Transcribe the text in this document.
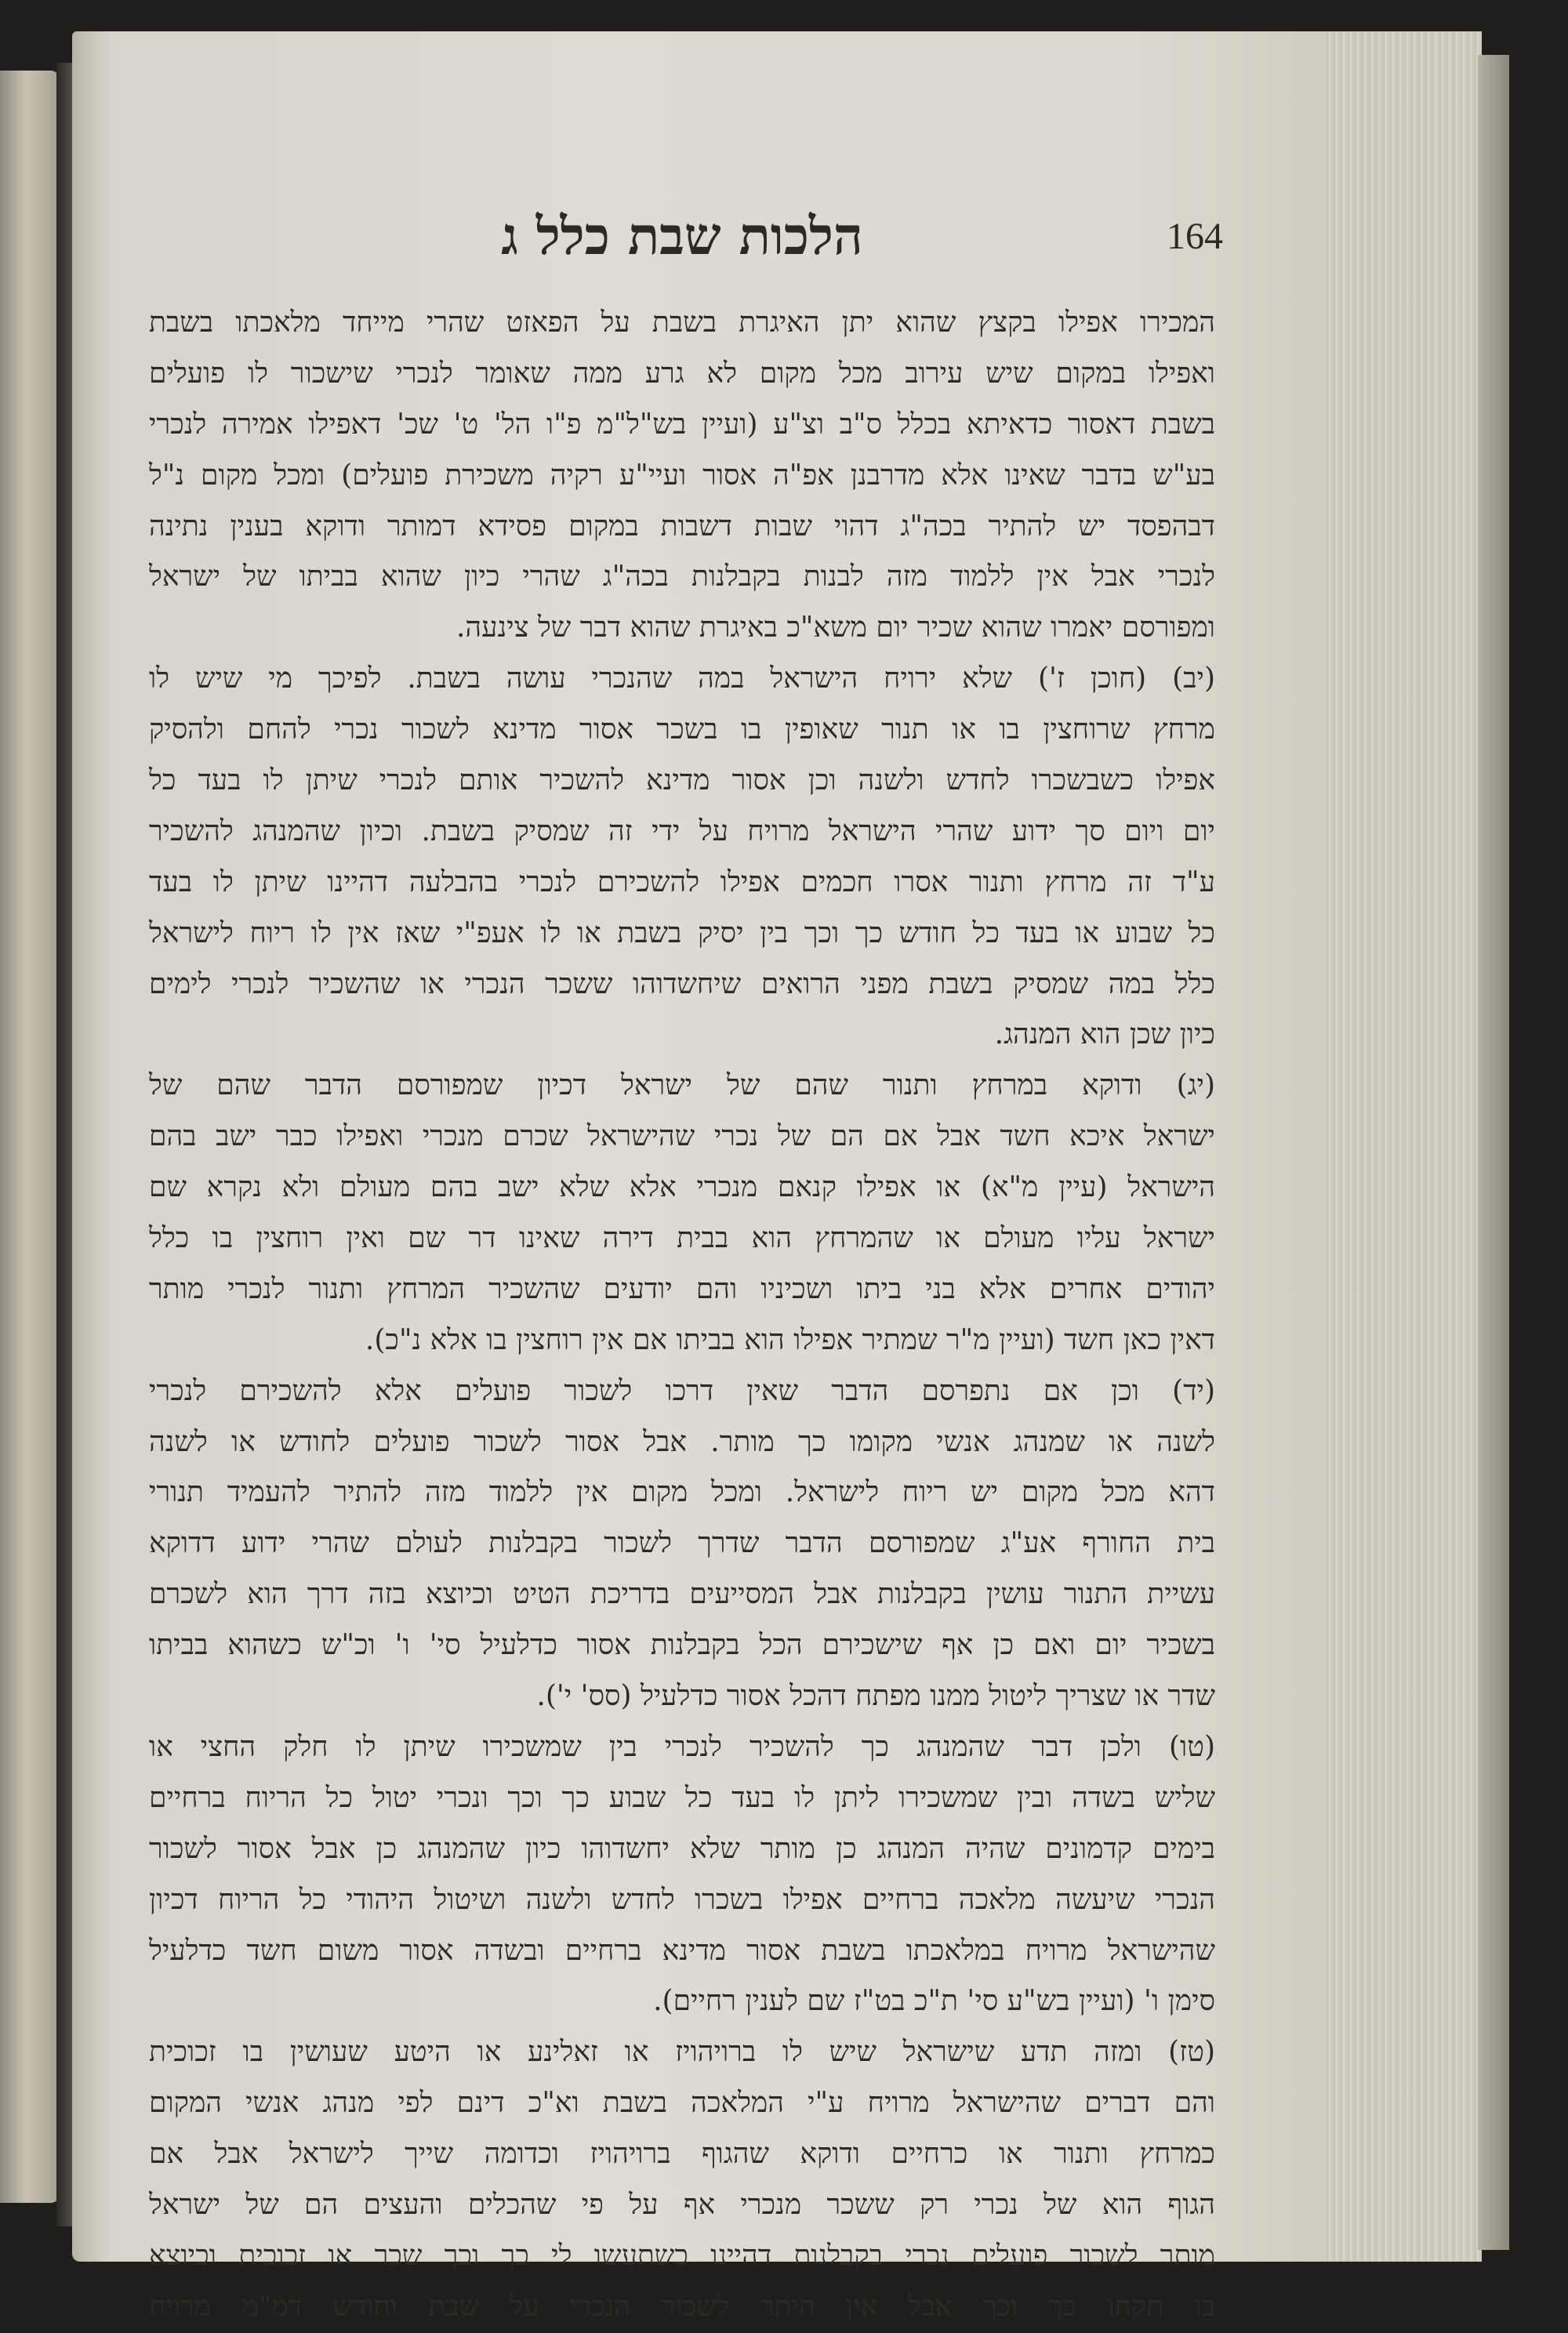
הלכות שבת כלל ג	164
המכירו אפילו בקצץ שהוא יתן האיגרת בשבת על הפאזט שהרי מייחד מלאכתו בשבת
ואפילו במקום שיש עירוב מכל מקום לא גרע ממה שאומר לנכרי שישכור לו פועלים
בשבת דאסור כדאיתא בכלל ס"ב וצ"ע (ועיין בש"ל"מ פ"ו הל' ט' שכ' דאפילו אמירה לנכרי
בע"ש בדבר שאינו אלא מדרבנן אפ"ה אסור ועיי"ע רקיה משכירת פועלים) ומכל מקום נ"ל
דבהפסד יש להתיר בכה"ג דהוי שבות דשבות במקום פסידא דמותר ודוקא בענין נתינה
לנכרי אבל אין ללמוד מזה לבנות בקבלנות בכה"ג שהרי כיון שהוא בביתו של ישראל
ומפורסם יאמרו שהוא שכיר יום משא"כ באיגרת שהוא דבר של צינעה.
(יב) (חוכן ז') שלא ירויח הישראל במה שהנכרי עושה בשבת. לפיכך מי שיש לו
מרחץ שרוחצין בו או תנור שאופין בו בשכר אסור מדינא לשכור נכרי להחם ולהסיק
אפילו כשבשכרו לחדש ולשנה וכן אסור מדינא להשכיר אותם לנכרי שיתן לו בעד כל
יום ויום סך ידוע שהרי הישראל מרויח על ידי זה שמסיק בשבת. וכיון שהמנהג להשכיר
ע"ד זה מרחץ ותנור אסרו חכמים אפילו להשכירם לנכרי בהבלעה דהיינו שיתן לו בעד
כל שבוע או בעד כל חודש כך וכך בין יסיק בשבת או לו אעפ"י שאז אין לו ריוח לישראל
כלל במה שמסיק בשבת מפני הרואים שיחשדוהו ששכר הנכרי או שהשכיר לנכרי לימים
כיון שכן הוא המנהג.
(יג) ודוקא במרחץ ותנור שהם של ישראל דכיון שמפורסם הדבר שהם של
ישראל איכא חשד אבל אם הם של נכרי שהישראל שכרם מנכרי ואפילו כבר ישב בהם
הישראל (עיין מ"א) או אפילו קנאם מנכרי אלא שלא ישב בהם מעולם ולא נקרא שם
ישראל עליו מעולם או שהמרחץ הוא בבית דירה שאינו דר שם ואין רוחצין בו כלל
יהודים אחרים אלא בני ביתו ושכיניו והם יודעים שהשכיר המרחץ ותנור לנכרי מותר
דאין כאן חשד (ועיין מ"ר שמתיר אפילו הוא בביתו אם אין רוחצין בו אלא נ"כ).
(יד) וכן אם נתפרסם הדבר שאין דרכו לשכור פועלים אלא להשכירם לנכרי
לשנה או שמנהג אנשי מקומו כך מותר. אבל אסור לשכור פועלים לחודש או לשנה
דהא מכל מקום יש ריוח לישראל. ומכל מקום אין ללמוד מזה להתיר להעמיד תנורי
בית החורף אע"ג שמפורסם הדבר שדרך לשכור בקבלנות לעולם שהרי ידוע דדוקא
עשיית התנור עושין בקבלנות אבל המסייעים בדריכת הטיט וכיוצא בזה דרך הוא לשכרם
בשכיר יום ואם כן אף שישכירם הכל בקבלנות אסור כדלעיל סי' ו' וכ"ש כשהוא בביתו
שדר או שצריך ליטול ממנו מפתח דהכל אסור כדלעיל (סס' י').
(טו) ולכן דבר שהמנהג כך להשכיר לנכרי בין שמשכירו שיתן לו חלק החצי או
שליש בשדה ובין שמשכירו ליתן לו בעד כל שבוע כך וכך ונכרי יטול כל הריוח ברחיים
בימים קדמונים שהיה המנהג כן מותר שלא יחשדוהו כיון שהמנהג כן אבל אסור לשכור
הנכרי שיעשה מלאכה ברחיים אפילו בשכרו לחדש ולשנה ושיטול היהודי כל הריוח דכיון
שהישראל מרויח במלאכתו בשבת אסור מדינא ברחיים ובשדה אסור משום חשד כדלעיל
סימן ו' (ועיין בש"ע סי' ת"כ בט"ז שם לענין רחיים).
(טז) ומזה תדע שישראל שיש לו ברויהויז או זאלינע או היטע שעושין בו זכוכית
והם דברים שהישראל מרויח ע"י המלאכה בשבת וא"כ דינם לפי מנהג אנשי המקום
כמרחץ ותנור או כרחיים ודוקא שהגוף ברויהויז וכדומה שייך לישראל אבל אם
הגוף הוא של נכרי רק ששכר מנכרי אף על פי שהכלים והעצים הם של ישראל
מותר לשכור פועלים נכרי בקבלנות דהיינו כשתעשו לי כך וכך שכר או זכוכית וכיוצא
בו תקחו כך וכך אבל אין היתר לשכור הנכרי על שבת וחודש דמ"מ מרויח
